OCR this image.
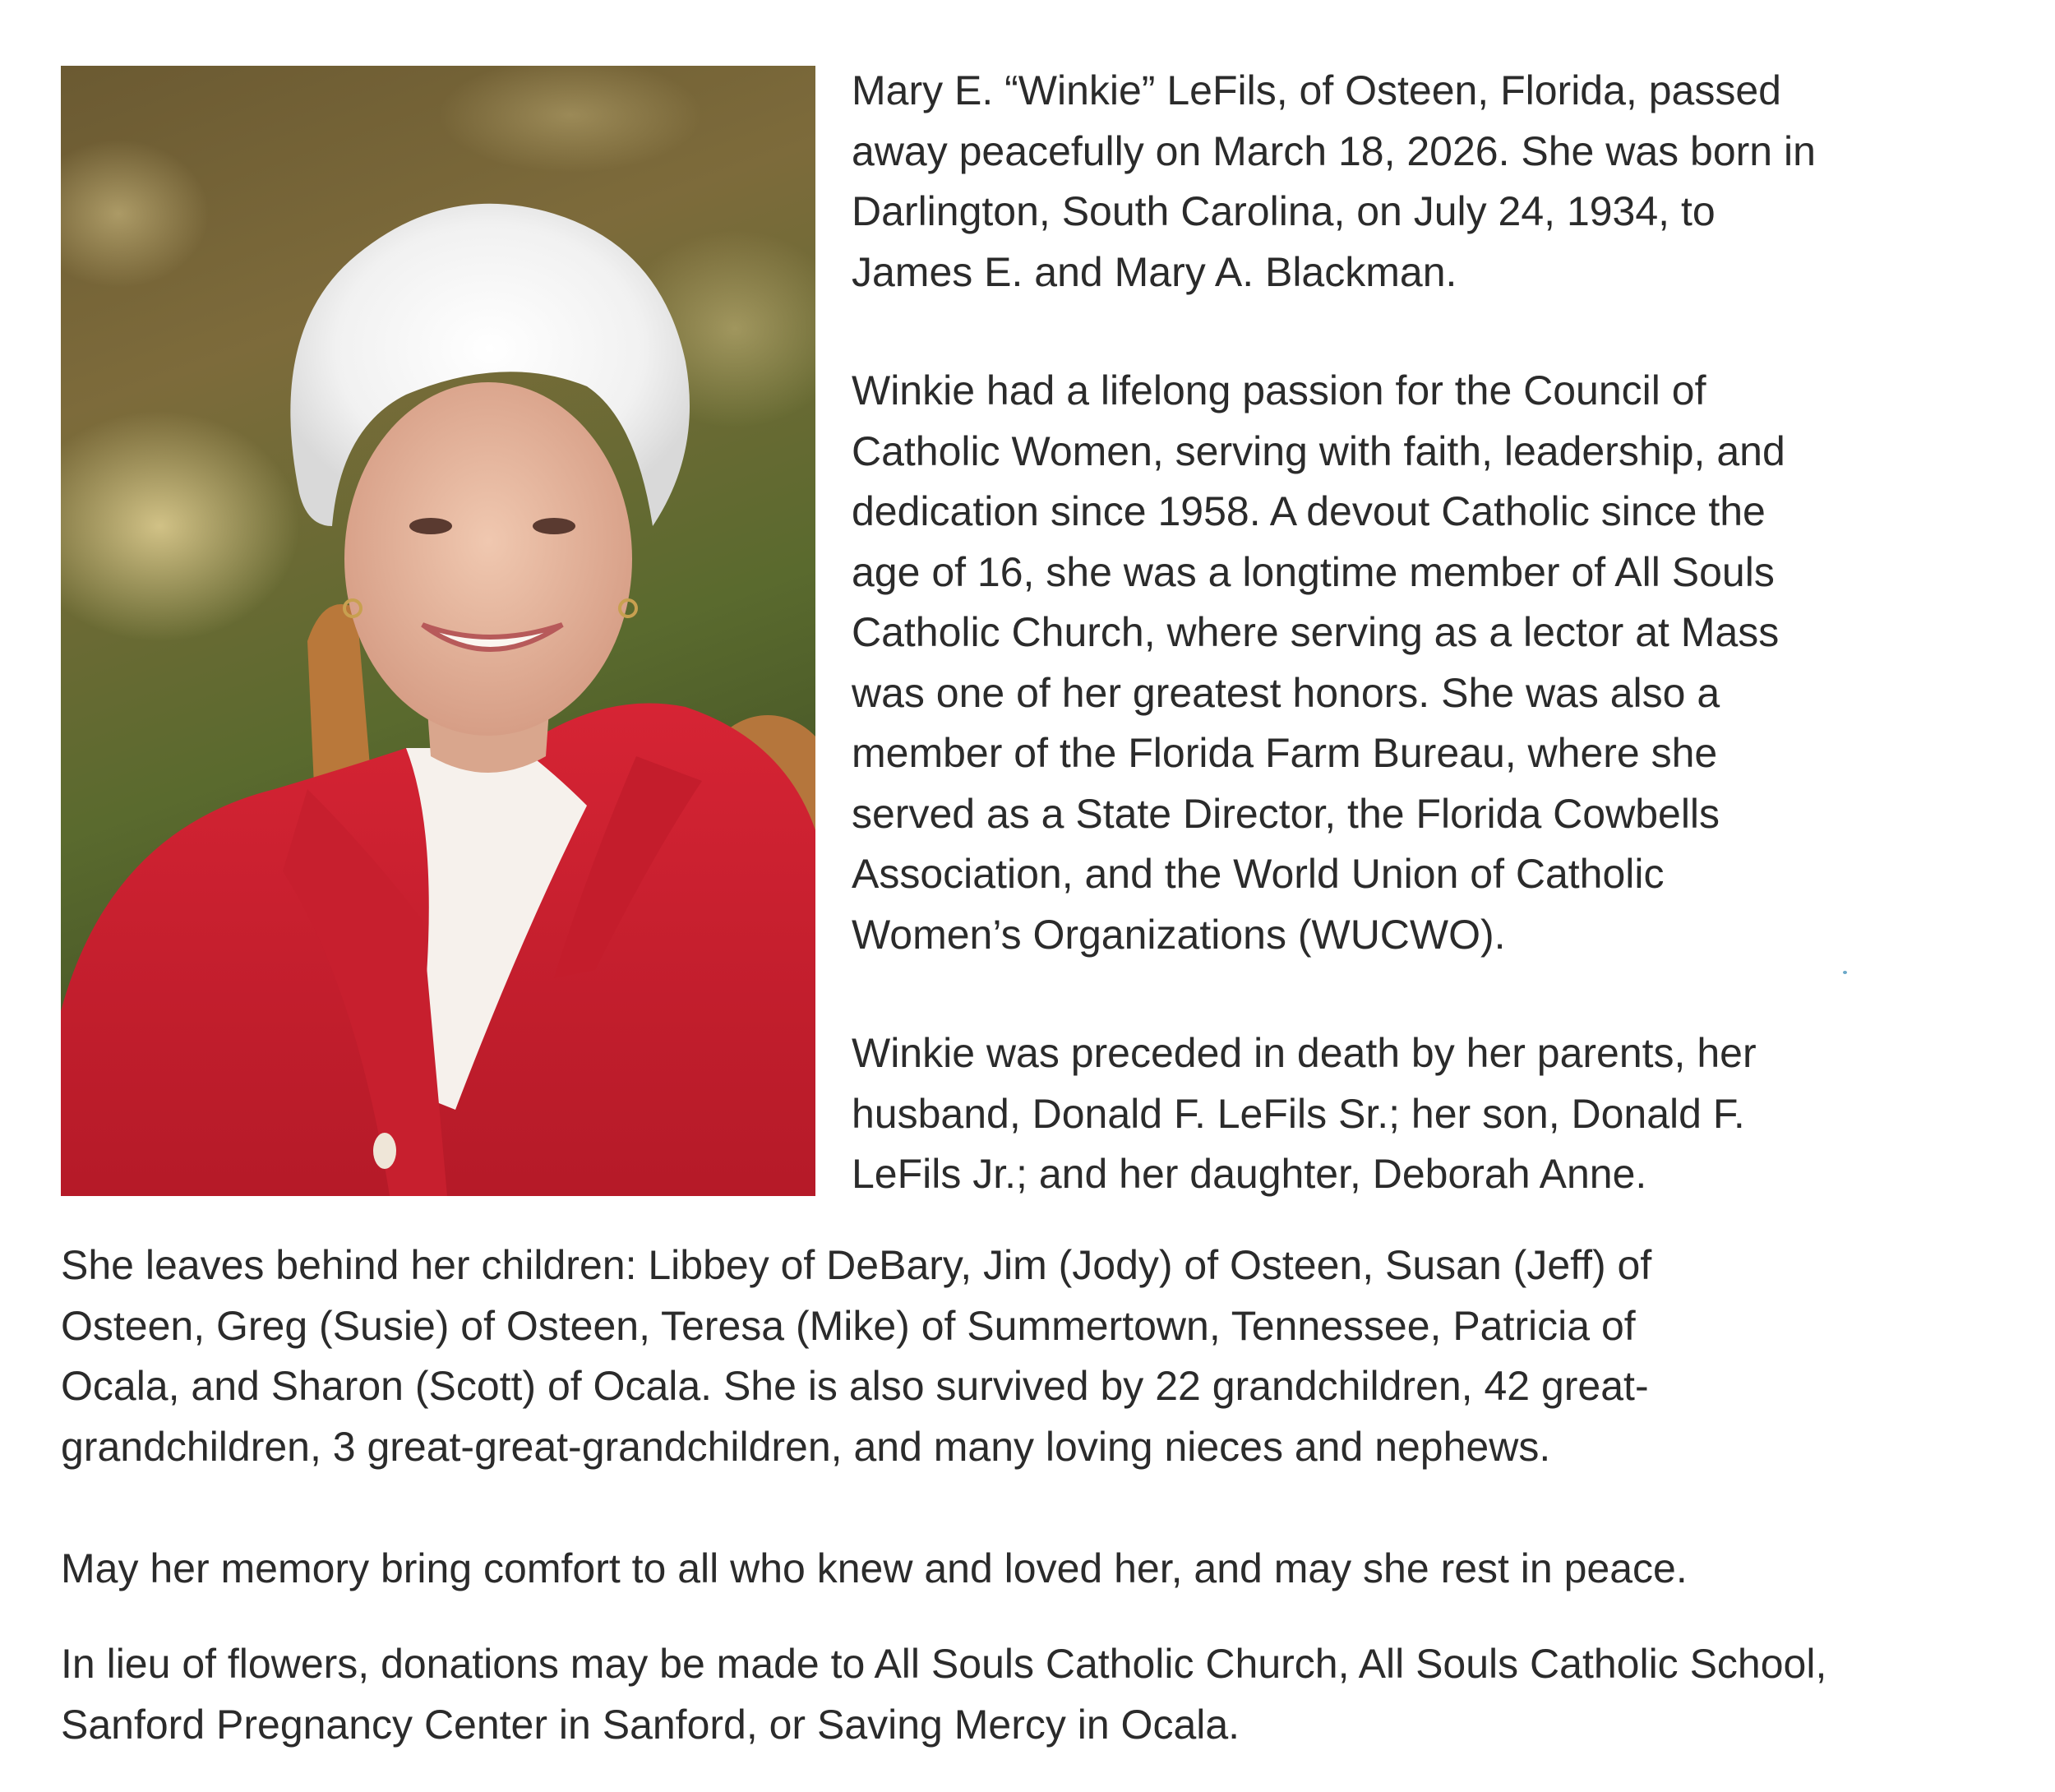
Mary E. “Winkie” LeFils, of Osteen, Florida, passed

away peacefully on March 18, 2026. She was born in

Darlington, South Carolina, on July 24, 1934, to

James E. and Mary A. Blackman.

Winkie had a lifelong passion for the Council of

Catholic Women, serving with faith, leadership, and

dedication since 1958. A devout Catholic since the

age of 16, she was a longtime member of All Souls

Catholic Church, where serving as a lector at Mass

was one of her greatest honors. She was also a

member of the Florida Farm Bureau, where she

served as a State Director, the Florida Cowbells

Association, and the World Union of Catholic

Women’s Organizations (WUCWO).

Winkie was preceded in death by her parents, her

husband, Donald F. LeFils Sr.; her son, Donald F.

LeFils Jr.; and her daughter, Deborah Anne.

She leaves behind her children: Libbey of DeBary, Jim (Jody) of Osteen, Susan (Jeff) of

Osteen, Greg (Susie) of Osteen, Teresa (Mike) of Summertown, Tennessee, Patricia of

Ocala, and Sharon (Scott) of Ocala. She is also survived by 22 grandchildren, 42 great-

grandchildren, 3 great-great-grandchildren, and many loving nieces and nephews.

May her memory bring comfort to all who knew and loved her, and may she rest in peace.

In lieu of flowers, donations may be made to All Souls Catholic Church, All Souls Catholic School,

Sanford Pregnancy Center in Sanford, or Saving Mercy in Ocala.
